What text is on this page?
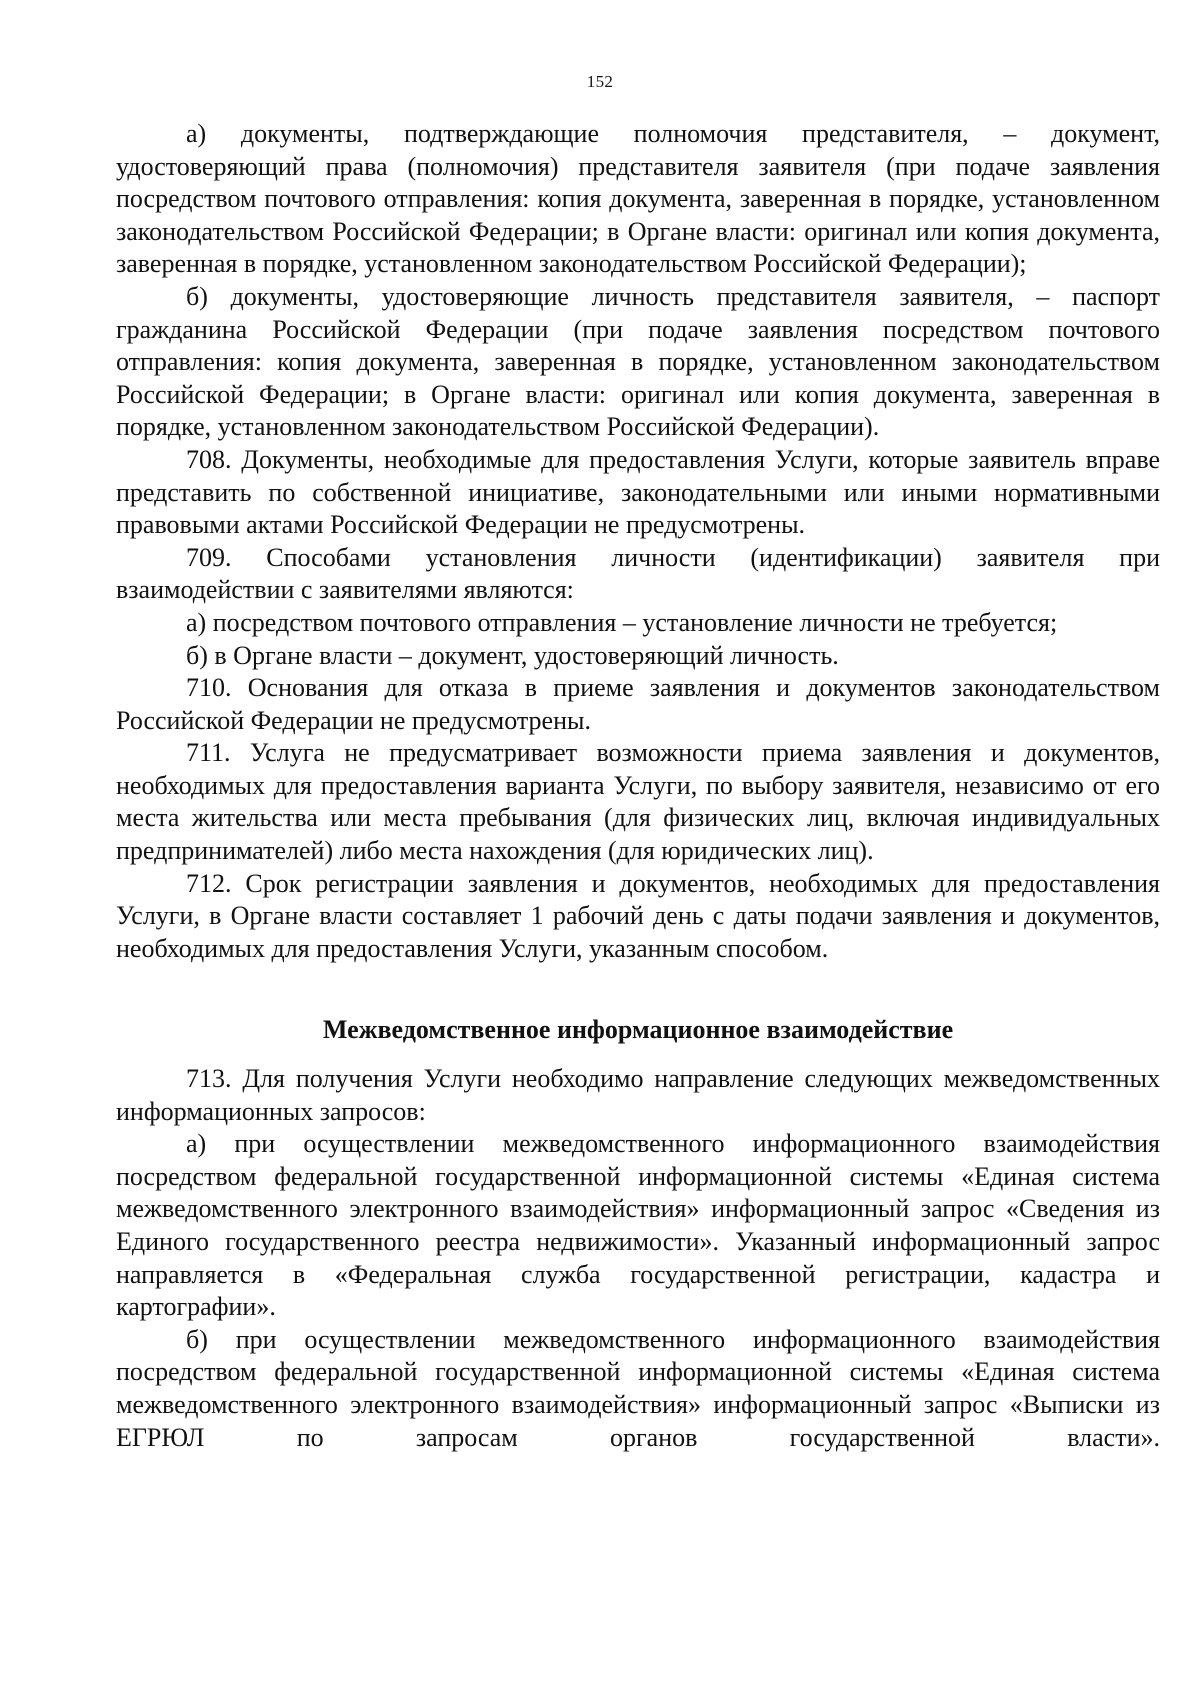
152

а) документы, подтверждающие полномочия представителя, – документ, удостоверяющий права (полномочия) представителя заявителя (при подаче заявления посредством почтового отправления: копия документа, заверенная в порядке, установленном законодательством Российской Федерации; в Органе власти: оригинал или копия документа, заверенная в порядке, установленном законодательством Российской Федерации);

б) документы, удостоверяющие личность представителя заявителя, – паспорт гражданина Российской Федерации (при подаче заявления посредством почтового отправления: копия документа, заверенная в порядке, установленном законодательством Российской Федерации; в Органе власти: оригинал или копия документа, заверенная в порядке, установленном законодательством Российской Федерации).

708. Документы, необходимые для предоставления Услуги, которые заявитель вправе представить по собственной инициативе, законодательными или иными нормативными правовыми актами Российской Федерации не предусмотрены.

709. Способами установления личности (идентификации) заявителя при взаимодействии с заявителями являются:

а) посредством почтового отправления – установление личности не требуется;

б) в Органе власти – документ, удостоверяющий личность.

710. Основания для отказа в приеме заявления и документов законодательством Российской Федерации не предусмотрены.

711. Услуга не предусматривает возможности приема заявления и документов, необходимых для предоставления варианта Услуги, по выбору заявителя, независимо от его места жительства или места пребывания (для физических лиц, включая индивидуальных предпринимателей) либо места нахождения (для юридических лиц).

712. Срок регистрации заявления и документов, необходимых для предоставления Услуги, в Органе власти составляет 1 рабочий день с даты подачи заявления и документов, необходимых для предоставления Услуги, указанным способом.

Межведомственное информационное взаимодействие

713. Для получения Услуги необходимо направление следующих межведомственных информационных запросов:

а) при осуществлении межведомственного информационного взаимодействия посредством федеральной государственной информационной системы «Единая система межведомственного электронного взаимодействия» информационный запрос «Сведения из Единого государственного реестра недвижимости». Указанный информационный запрос направляется в «Федеральная служба государственной регистрации, кадастра и картографии».

б) при осуществлении межведомственного информационного взаимодействия посредством федеральной государственной информационной системы «Единая система межведомственного электронного взаимодействия» информационный запрос «Выписки из ЕГРЮЛ по запросам органов государственной власти».
